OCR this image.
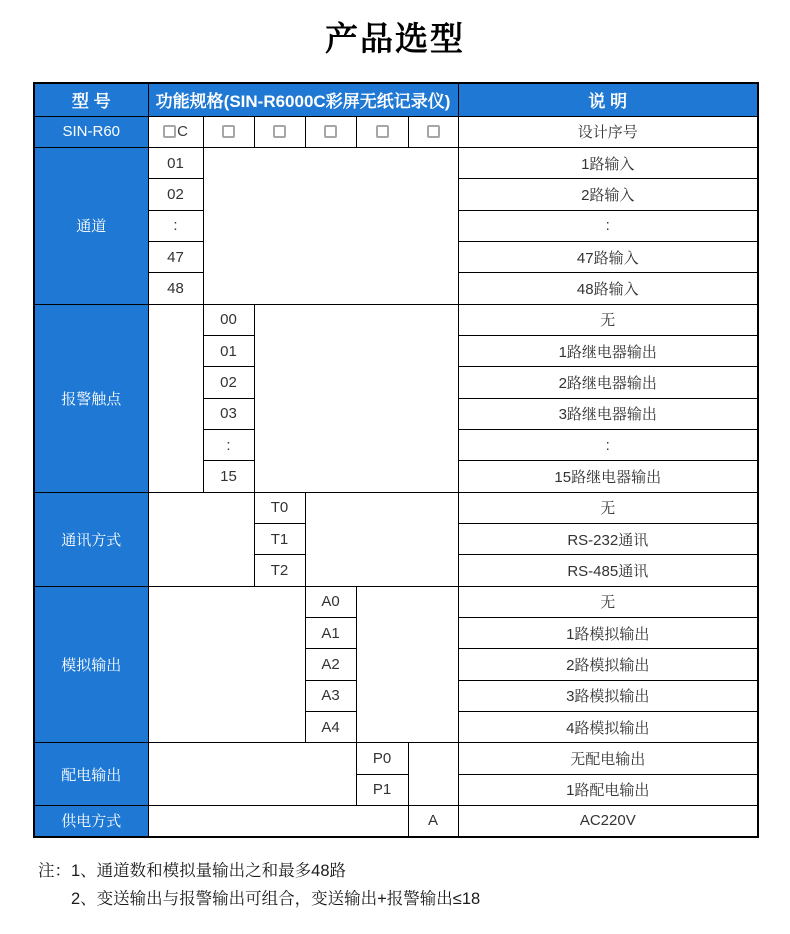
产品选型
型 号	功能规格(SIN-R6000C彩屏无纸记录仪)						说 明
SIN-R60	C						设计序号
通道	01						1路输入
	02						2路输入
	:						:
	47						47路输入
	48						48路输入
报警触点		00					无
		01					1路继电器输出
		02					2路继电器输出
		03					3路继电器输出
		:					:
		15					15路继电器输出
通讯方式			T0				无
			T1				RS-232通讯
			T2				RS-485通讯
模拟输出				A0			无
				A1			1路模拟输出
				A2			2路模拟输出
				A3			3路模拟输出
				A4			4路模拟输出
配电输出					P0		无配电输出
					P1		1路配电输出
供电方式						A	AC220V
注： 1、通道数和模拟量输出之和最多48路
2、变送输出与报警输出可组合，变送输出+报警输出≤18
